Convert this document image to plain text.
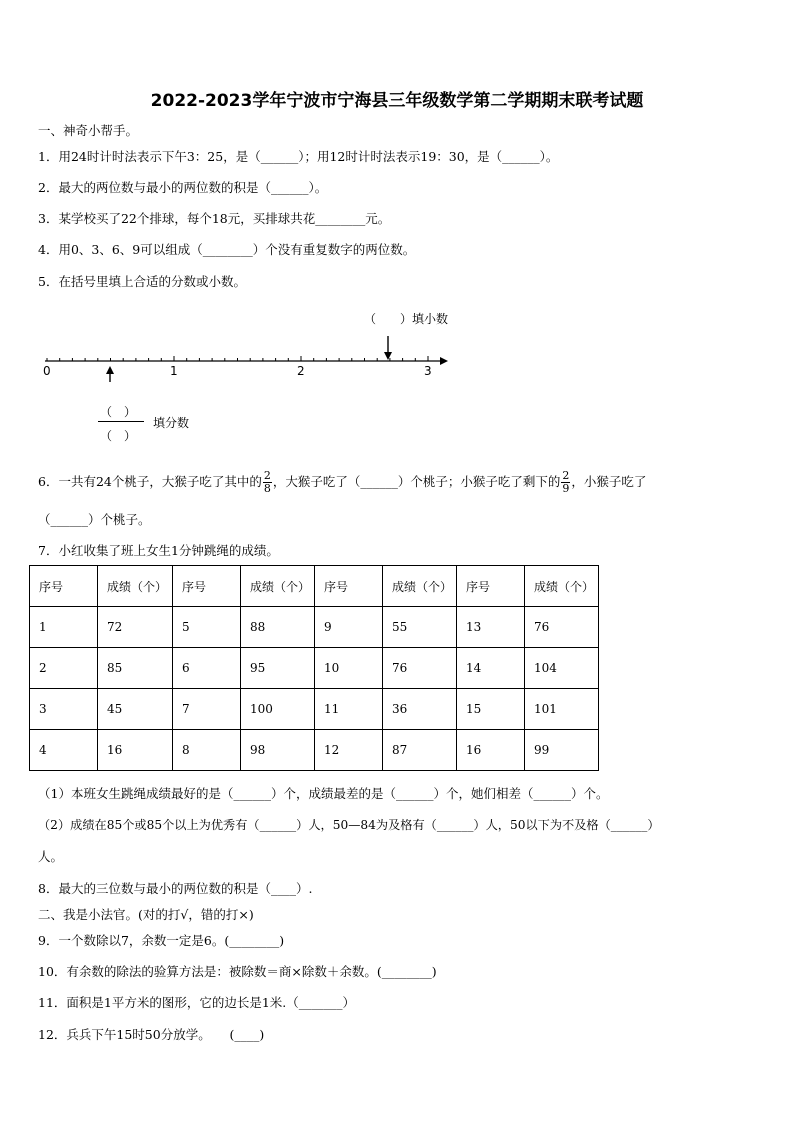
2022-2023学年宁波市宁海县三年级数学第二学期期末联考试题
一、神奇小帮手。
1．用24时计时法表示下午3：25，是（______）；用12时计时法表示19：30，是（______）。
2．最大的两位数与最小的两位数的积是（______）。
3．某学校买了22个排球，每个18元，买排球共花________元。
4．用0、3、6、9可以组成（________）个没有重复数字的两位数。
5．在括号里填上合适的分数或小数。
（　　）填小数
0	1	2	3
（　）
（　）
填分数
6．一共有24个桃子，大猴子吃了其中的 $\frac{2}{8}$ ，大猴子吃了（______）个桃子；小猴子吃了剩下的 $\frac{2}{9}$ ，小猴子吃了
（______）个桃子。
7．小红收集了班上女生1分钟跳绳的成绩。
序号	成绩（个）	序号	成绩（个）	序号	成绩（个）	序号	成绩（个）
1	72	5	88	9	55	13	76
2	85	6	95	10	76	14	104
3	45	7	100	11	36	15	101
4	16	8	98	12	87	16	99
（1）本班女生跳绳成绩最好的是（______）个，成绩最差的是（______）个，她们相差（______）个。
（2）成绩在85个或85个以上为优秀有（______）人，50—84为及格有（______）人，50以下为不及格（______）
人。
8．最大的三位数与最小的两位数的积是（____）.
二、我是小法官。(对的打√，错的打×)
9．一个数除以7，余数一定是6。(________)
10．有余数的除法的验算方法是：被除数＝商×除数＋余数。(________)
11．面积是1平方米的图形，它的边长是1米.（_______）
12．兵兵下午15时50分放学。　　(____)
